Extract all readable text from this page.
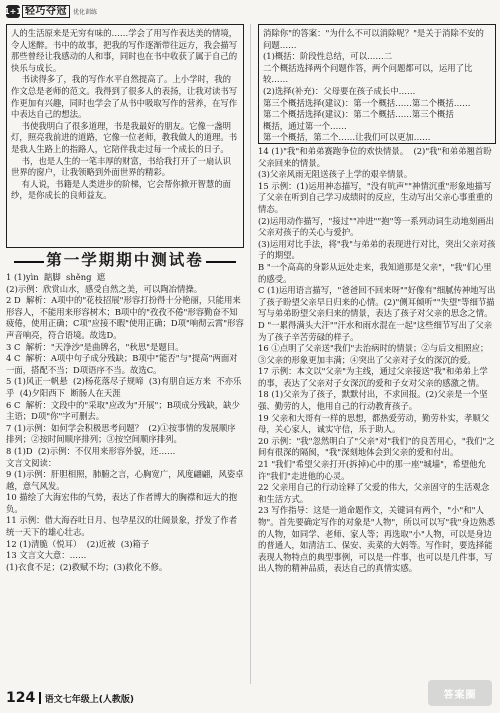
1+1 轻巧夺冠	优化训练
人的生活原来是无穷有味的……学会了用写作表达美的情境，令人迷醉。书中的故事，把我的写作逐渐带往远方，我会描写那些曾经让我感动的人和事，同时也在书中收获了属于自己的快乐与成长。
书读得多了，我的写作水平自然提高了。上小学时，我的作文总是老师的范文。我得到了很多人的表扬，让我对读书写作更加有兴趣，同时也学会了从书中吸取写作的营养，在写作中表达自己的想法。
书使我明白了很多道理，书是我最好的朋友。它像一盏明灯，照亮我前进的道路，它像一位老师，教我做人的道理。书是我人生路上的指路人，它陪伴我走过每一个成长的日子。
书，也是人生的一笔丰厚的财富，书给我打开了一扇认识世界的窗户，让我领略到外面世界的精彩。
有人说，书籍是人类进步的阶梯，它会帮你掀开智慧的面纱，是你成长的良师益友。
第一学期期中测试卷
1 (1)yìn  踮脚  shěng  遮
(2)示例：欣赏山水，感受自然之美，可以陶冶情操。
2 D  解析：A项中的"花枝招展"形容打扮得十分艳丽，只能用来形容人，不能用来形容树木；B项中的"孜孜不倦"形容勤奋不知疲倦，使用正确；C项"应接不暇"使用正确；D项"响彻云霄"形容声音响亮，符合语境。故选D。
3 C  解析："天净沙"是曲牌名，"秋思"是题目。
4 C  解析：A项中句子成分残缺；B项中"能否"与"提高"两面对一面，搭配不当；D项语序不当。故选C。
5 (1)风正一帆悬  (2)杨花落尽子规啼  (3)有朋自远方来  不亦乐乎  (4)夕阳西下  断肠人在天涯
6 C  解析：文段中的"采取"应改为"开展"；B项成分残缺，缺少主语；D项"你"字可删去。
7 (1)示例：如何学会积极思考问题？  (2)①按事情的发展顺序排列；②按时间顺序排列；③按空间顺序排列。
8 (1)D  (2)示例：不仅用来形容外貌，还……
文言文阅读：
9 (1)示例：肝胆相照，肺腑之言，心胸宽广，风度翩翩，风姿卓越，意气风发。
10 描绘了大海宏伟的气势，表达了作者博大的胸襟和远大的抱负。
11 示例：借大海吞吐日月、包孕星汉的壮阔景象，抒发了作者统一天下的雄心壮志。
12 (1)清脆（悦耳）  (2)近被  (3)箱子
13 文言文大意：……
(1)衣食不足；(2)救赋不均；(3)救化不修。
消除你"的答案："为什么不可以消除呢？"是关于消除不安的问题……
(1)概括：阶段性总结，可以……二
二个概括选择两个问题作答，两个问题都可以，运用了比较……
(2)选择(补充)：父母要在孩子成长中……
第三个概括选择(建议)：第一个概括……第二个概括……
第二个概括选择(建议)：第二个概括……第三个概括
概括，通过第一个……
第一个概括，第二个……让我们可以更加……

14 (1)"我"和弟弟赛跑争位的欢快情景。  (2)"我"和弟弟翘首盼父亲回来的情景。
(3)父亲风雨无阻送孩子上学的艰辛情景。
15 示例：(1)运用神态描写，"没有吭声""神情沉重"形象地描写了父亲在听到自己学习成绩时的反应，生动写出父亲心事重重的情态。
(2)运用动作描写，"接过""冲进""抱"等一系列动词生动地刻画出父亲对孩子的关心与爱护。
(3)运用对比手法，将"我"与弟弟的表现进行对比，突出父亲对孩子的期望。
B "一个高高的身影从远处走来，我知道那是父亲"，"我"们心里的感受。
C (1)运用语言描写，"爸爸回不回来呀""好像有"细腻传神地写出了孩子盼望父亲早日归来的心情。(2)"侧耳倾听""失望"等细节描写与弟弟盼望父亲归来的情景，表达了孩子对父亲的思念之情。
D "一累得满头大汗""汗水和雨水混在一起"这些细节写出了父亲为了孩子辛苦劳碌的样子。
16 ①点明了父亲送"我们"去治病时的情景；②与后文相照应；③父亲的形象更加丰满；④突出了父亲对子女的深沉的爱。
17 示例：本文以"父亲"为主线，通过父亲接送"我"和弟弟上学的事，表达了父亲对子女深沉的爱和子女对父亲的感激之情。
18 (1)父亲为了孩子，默默付出，不求回报。(2)父亲是一个坚强、勤劳的人，他用自己的行动教育孩子。
19 父亲和大哥有一样的思想，都热爱劳动，勤劳朴实，孝顺父母，关心家人，诚实守信，乐于助人。
20 示例："我"忽然明白了"父亲"对"我们"的良苦用心，"我们"之间有很深的隔阂，"我"深刻地体会到父亲的爱和付出。
21 "我们"希望父亲打开(拆掉)心中的那一座"城墙"，希望他允许"我们"走进他的心灵。
22 父亲用自己的行动诠释了父爱的伟大，父亲固守的生活观念和生活方式。
23 写作指导：这是一道命题作文，关键词有两个，"小"和"人物"。首先要确定写作的对象是"人物"，所以可以写"我"身边熟悉的人物，如同学、老师、家人等；再选取"小"人物，可以是身边的普通人，如清洁工、保安、卖菜的大妈等。写作时，要选择能表现人物特点的典型事例，可以是一件事，也可以是几件事，写出人物的精神品质，表达自己的真情实感。
124 语文七年级上(人教版)	答案圈
